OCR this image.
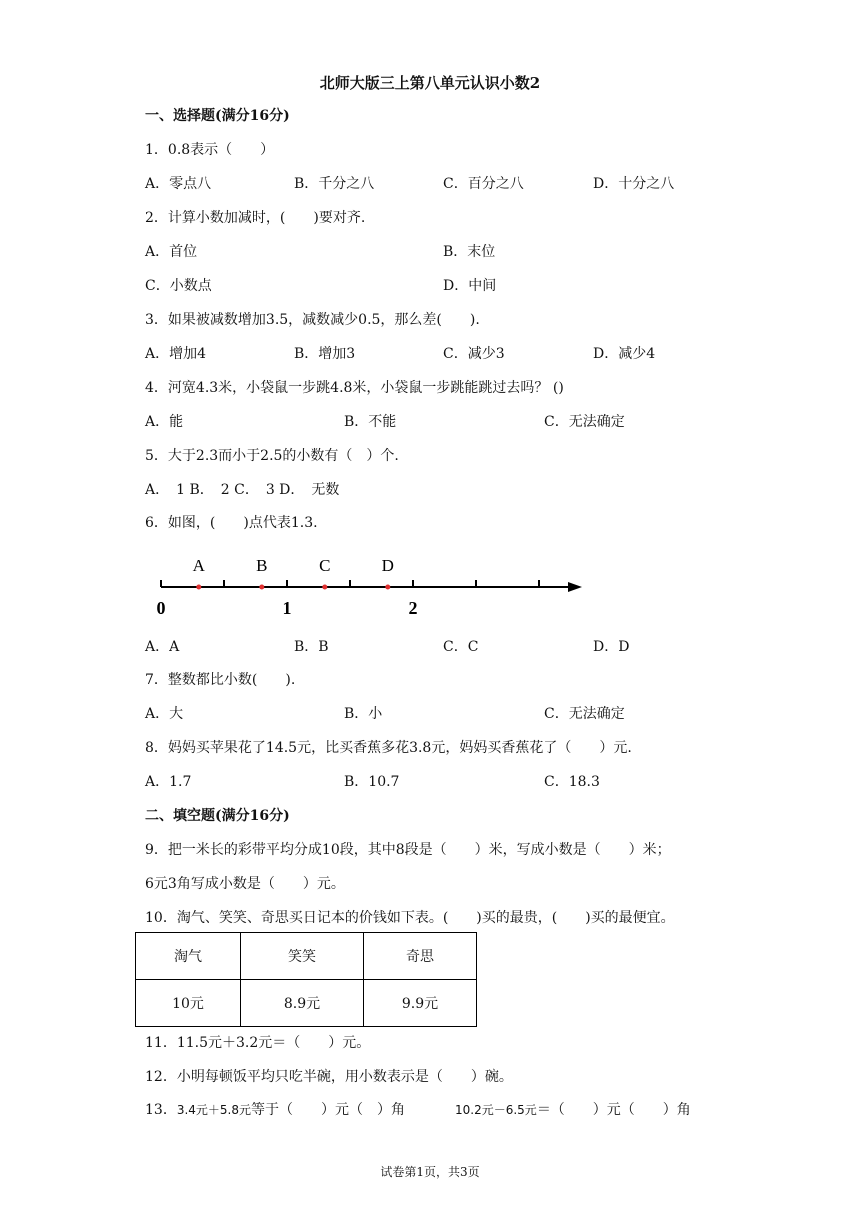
北师大版三上第八单元认识小数2
一、选择题(满分16分)
1．0.8表示（　　）
A．零点八	B．千分之八	C．百分之八	D．十分之八
2．计算小数加减时，(　　)要对齐.
A．首位	B．末位
C．小数点	D．中间
3．如果被减数增加3.5，减数减少0.5，那么差(　　).
A．增加4	B．增加3	C．减少3	D．减少4
4．河宽4.3米，小袋鼠一步跳4.8米，小袋鼠一步跳能跳过去吗？ ()
A．能	B．不能	C．无法确定
5．大于2.3而小于2.5的小数有（　）个.
A．　1 B．　2 C．　3 D．　无数
6．如图，(　　)点代表1.3.
A	B	C	D
0	1	2
A．A	B．B	C．C	D．D
7．整数都比小数(　　).
A．大	B．小	C．无法确定
8．妈妈买苹果花了14.5元，比买香蕉多花3.8元，妈妈买香蕉花了（　　）元.
A．1.7	B．10.7	C．18.3
二、填空题(满分16分)
9．把一米长的彩带平均分成10段，其中8段是（　　）米，写成小数是（　　）米；
6元3角写成小数是（　　）元。
10．淘气、笑笑、奇思买日记本的价钱如下表。(　　)买的最贵，(　　)买的最便宜。
淘气	笑笑	奇思
10元	8.9元	9.9元
11．11.5元＋3.2元＝（　　）元。
12．小明每顿饭平均只吃半碗，用小数表示是（　　）碗。
13．3.4元＋5.8元等于（　　）元（　）角	10.2元－6.5元＝（　　）元（　　）角
试卷第1页，共3页
